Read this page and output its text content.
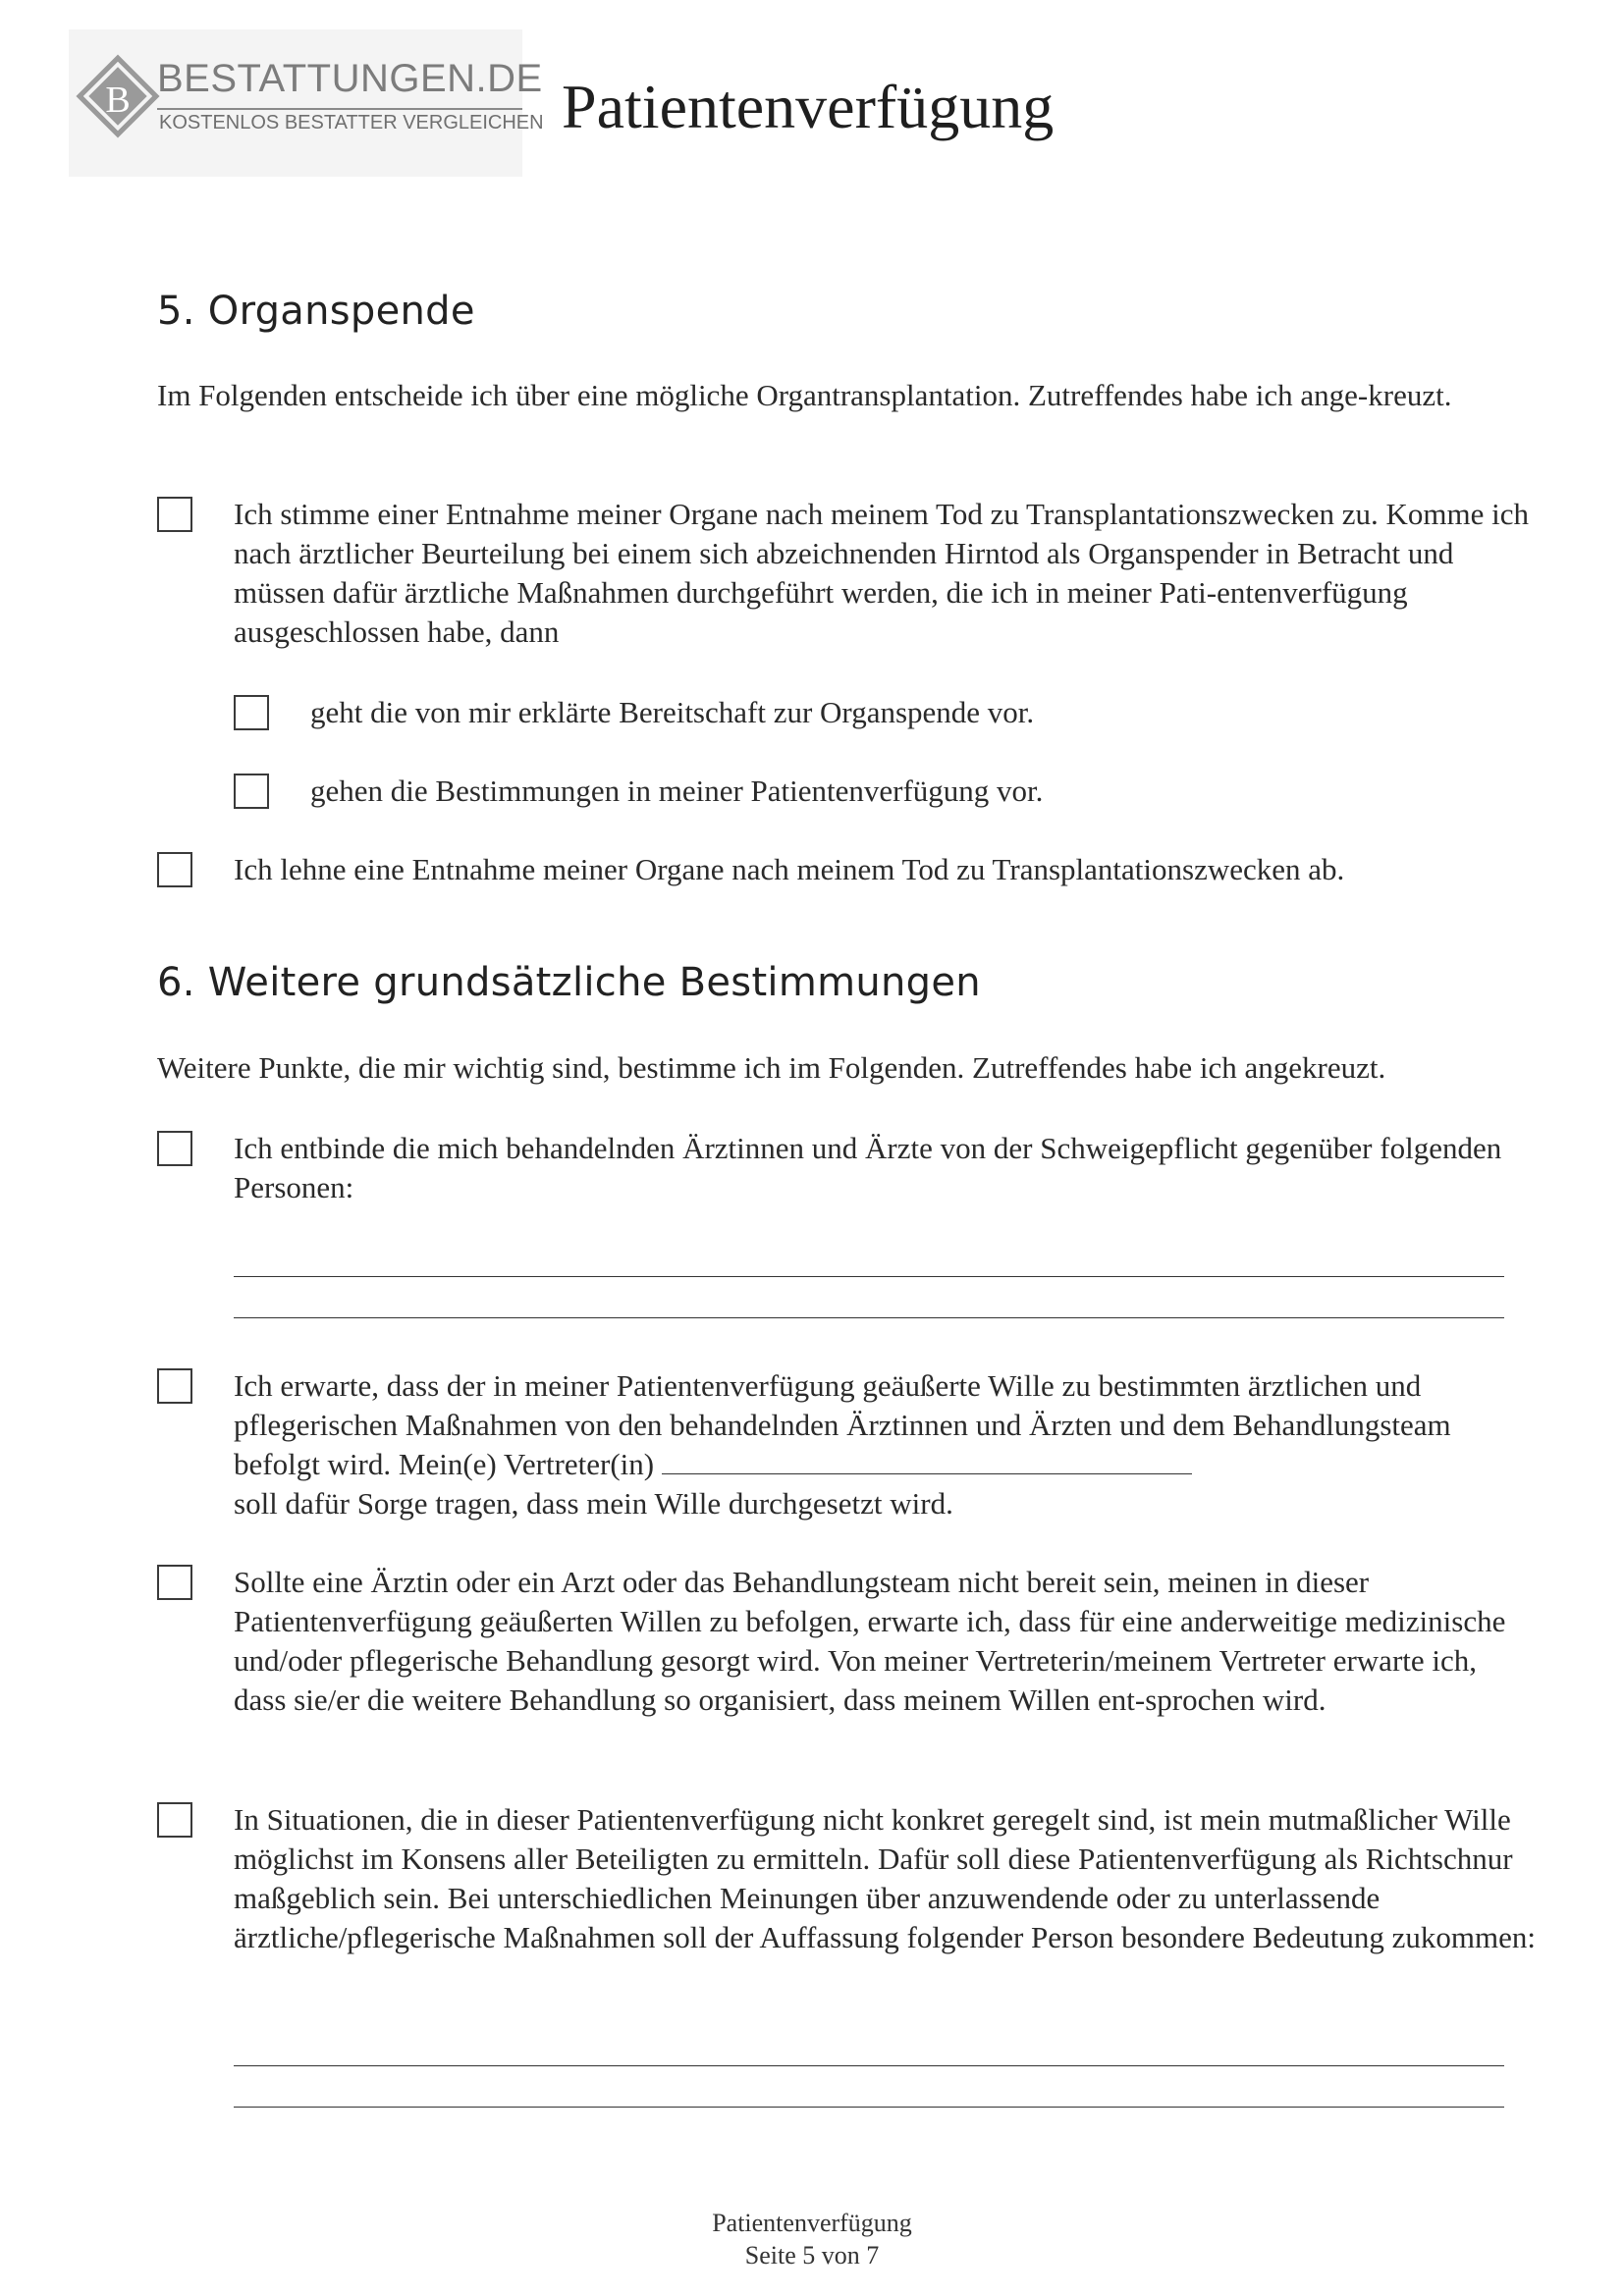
B BESTATTUNGEN.DE
KOSTENLOS BESTATTER VERGLEICHEN Patientenverfügung
5. Organspende
Im Folgenden entscheide ich über eine mögliche Organtransplantation. Zutreffendes habe ich ange-kreuzt.
Ich stimme einer Entnahme meiner Organe nach meinem Tod zu Transplantationszwecken zu. Komme ich nach ärztlicher Beurteilung bei einem sich abzeichnenden Hirntod als Organspender in Betracht und müssen dafür ärztliche Maßnahmen durchgeführt werden, die ich in meiner Pati-entenverfügung ausgeschlossen habe, dann
geht die von mir erklärte Bereitschaft zur Organspende vor.
gehen die Bestimmungen in meiner Patientenverfügung vor.
Ich lehne eine Entnahme meiner Organe nach meinem Tod zu Transplantationszwecken ab.
6. Weitere grundsätzliche Bestimmungen
Weitere Punkte, die mir wichtig sind, bestimme ich im Folgenden. Zutreffendes habe ich angekreuzt.
Ich entbinde die mich behandelnden Ärztinnen und Ärzte von der Schweigepflicht gegenüber folgenden Personen:
Ich erwarte, dass der in meiner Patientenverfügung geäußerte Wille zu bestimmten ärztlichen und pflegerischen Maßnahmen von den behandelnden Ärztinnen und Ärzten und dem Behandlungsteam befolgt wird. Mein(e) Vertreter(in)
soll dafür Sorge tragen, dass mein Wille durchgesetzt wird.
Sollte eine Ärztin oder ein Arzt oder das Behandlungsteam nicht bereit sein, meinen in dieser Patientenverfügung geäußerten Willen zu befolgen, erwarte ich, dass für eine anderweitige medizinische und/oder pflegerische Behandlung gesorgt wird. Von meiner Vertreterin/meinem Vertreter erwarte ich, dass sie/er die weitere Behandlung so organisiert, dass meinem Willen ent-sprochen wird.
In Situationen, die in dieser Patientenverfügung nicht konkret geregelt sind, ist mein mutmaßlicher Wille möglichst im Konsens aller Beteiligten zu ermitteln. Dafür soll diese Patientenverfügung als Richtschnur maßgeblich sein. Bei unterschiedlichen Meinungen über anzuwendende oder zu unterlassende ärztliche/pflegerische Maßnahmen soll der Auffassung folgender Person besondere Bedeutung zukommen:
Patientenverfügung
Seite 5 von 7
